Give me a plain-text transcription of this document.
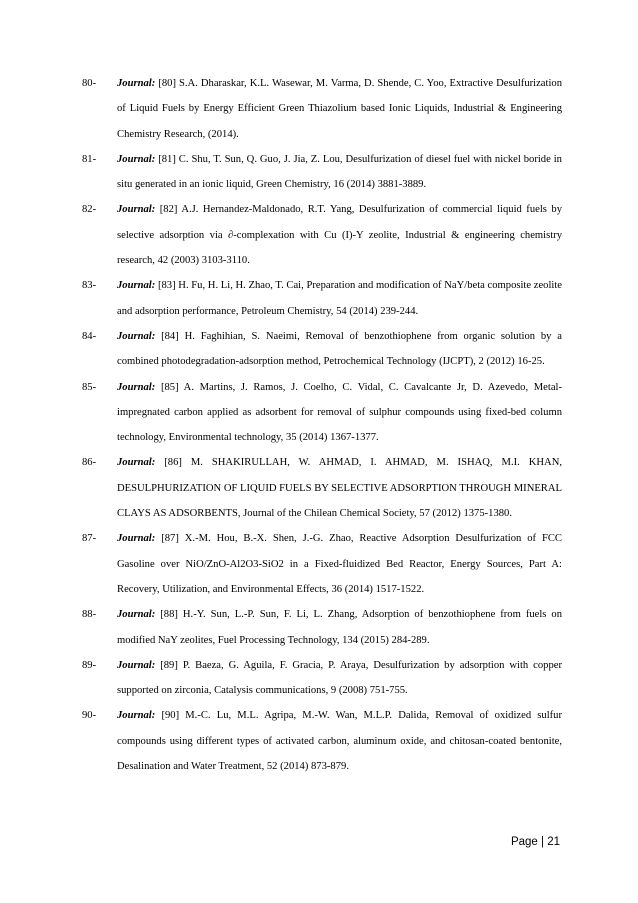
80- Journal: [80] S.A. Dharaskar, K.L. Wasewar, M. Varma, D. Shende, C. Yoo, Extractive Desulfurization of Liquid Fuels by Energy Efficient Green Thiazolium based Ionic Liquids, Industrial & Engineering Chemistry Research, (2014).
81- Journal: [81] C. Shu, T. Sun, Q. Guo, J. Jia, Z. Lou, Desulfurization of diesel fuel with nickel boride in situ generated in an ionic liquid, Green Chemistry, 16 (2014) 3881-3889.
82- Journal: [82] A.J. Hernandez-Maldonado, R.T. Yang, Desulfurization of commercial liquid fuels by selective adsorption via ∂-complexation with Cu (I)-Y zeolite, Industrial & engineering chemistry research, 42 (2003) 3103-3110.
83- Journal: [83] H. Fu, H. Li, H. Zhao, T. Cai, Preparation and modification of NaY/beta composite zeolite and adsorption performance, Petroleum Chemistry, 54 (2014) 239-244.
84- Journal: [84] H. Faghihian, S. Naeimi, Removal of benzothiophene from organic solution by a combined photodegradation-adsorption method, Petrochemical Technology (IJCPT), 2 (2012) 16-25.
85- Journal: [85] A. Martins, J. Ramos, J. Coelho, C. Vidal, C. Cavalcante Jr, D. Azevedo, Metal-impregnated carbon applied as adsorbent for removal of sulphur compounds using fixed-bed column technology, Environmental technology, 35 (2014) 1367-1377.
86- Journal: [86] M. SHAKIRULLAH, W. AHMAD, I. AHMAD, M. ISHAQ, M.I. KHAN, DESULPHURIZATION OF LIQUID FUELS BY SELECTIVE ADSORPTION THROUGH MINERAL CLAYS AS ADSORBENTS, Journal of the Chilean Chemical Society, 57 (2012) 1375-1380.
87- Journal: [87] X.-M. Hou, B.-X. Shen, J.-G. Zhao, Reactive Adsorption Desulfurization of FCC Gasoline over NiO/ZnO-Al2O3-SiO2 in a Fixed-fluidized Bed Reactor, Energy Sources, Part A: Recovery, Utilization, and Environmental Effects, 36 (2014) 1517-1522.
88- Journal: [88] H.-Y. Sun, L.-P. Sun, F. Li, L. Zhang, Adsorption of benzothiophene from fuels on modified NaY zeolites, Fuel Processing Technology, 134 (2015) 284-289.
89- Journal: [89] P. Baeza, G. Aguila, F. Gracia, P. Araya, Desulfurization by adsorption with copper supported on zirconia, Catalysis communications, 9 (2008) 751-755.
90- Journal: [90] M.-C. Lu, M.L. Agripa, M.-W. Wan, M.L.P. Dalida, Removal of oxidized sulfur compounds using different types of activated carbon, aluminum oxide, and chitosan-coated bentonite, Desalination and Water Treatment, 52 (2014) 873-879.
Page | 21
